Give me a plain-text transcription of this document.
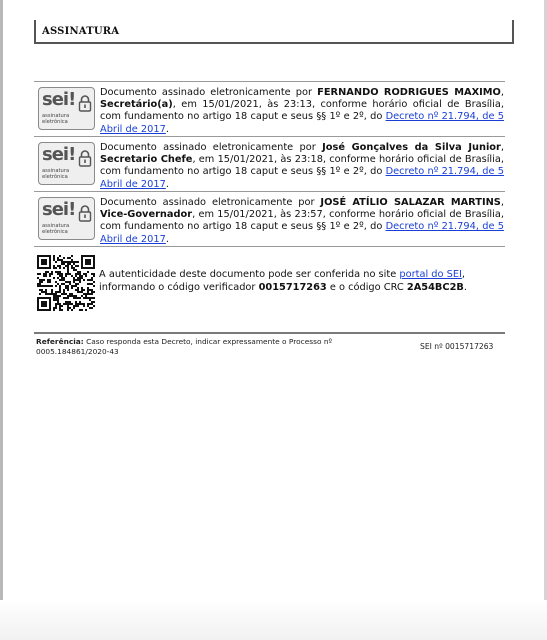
ASSINATURA
sei!
assinatura
eletrônica
Documento assinado eletronicamente por FERNANDO RODRIGUES MAXIMO, Secretário(a), em 15/01/2021, às 23:13, conforme horário oficial de Brasília, com fundamento no artigo 18 caput e seus §§ 1º e 2º, do Decreto nº 21.794, de 5 Abril de 2017.
sei!
assinatura
eletrônica
Documento assinado eletronicamente por José Gonçalves da Silva Junior, Secretario Chefe, em 15/01/2021, às 23:18, conforme horário oficial de Brasília, com fundamento no artigo 18 caput e seus §§ 1º e 2º, do Decreto nº 21.794, de 5 Abril de 2017.
sei!
assinatura
eletrônica
Documento assinado eletronicamente por JOSÉ ATÍLIO SALAZAR MARTINS, Vice-Governador, em 15/01/2021, às 23:57, conforme horário oficial de Brasília, com fundamento no artigo 18 caput e seus §§ 1º e 2º, do Decreto nº 21.794, de 5 Abril de 2017.
A autenticidade deste documento pode ser conferida no site portal do SEI, informando o código verificador 0015717263 e o código CRC 2A54BC2B.
Referência: Caso responda esta Decreto, indicar expressamente o Processo nº 0005.184861/2020-43	SEI nº 0015717263
